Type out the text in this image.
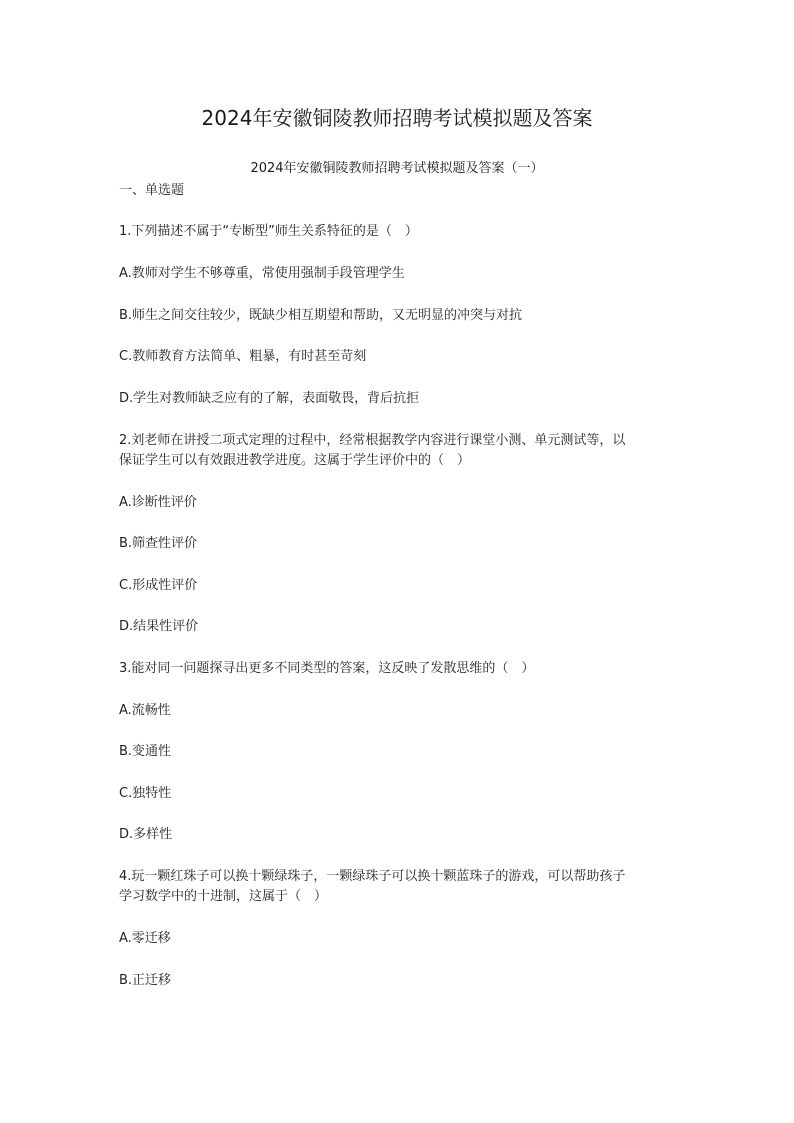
2024年安徽铜陵教师招聘考试模拟题及答案
2024年安徽铜陵教师招聘考试模拟题及答案（一）
一、单选题
1.下列描述不属于“专断型”师生关系特征的是（　）
A.教师对学生不够尊重，常使用强制手段管理学生
B.师生之间交往较少，既缺少相互期望和帮助，又无明显的冲突与对抗
C.教师教育方法简单、粗暴，有时甚至苛刻
D.学生对教师缺乏应有的了解，表面敬畏，背后抗拒
2.刘老师在讲授二项式定理的过程中，经常根据教学内容进行课堂小测、单元测试等，以
保证学生可以有效跟进教学进度。这属于学生评价中的（　）
A.诊断性评价
B.筛查性评价
C.形成性评价
D.结果性评价
3.能对同一问题探寻出更多不同类型的答案，这反映了发散思维的（　）
A.流畅性
B.变通性
C.独特性
D.多样性
4.玩一颗红珠子可以换十颗绿珠子，一颗绿珠子可以换十颗蓝珠子的游戏，可以帮助孩子
学习数学中的十进制，这属于（　）
A.零迁移
B.正迁移
